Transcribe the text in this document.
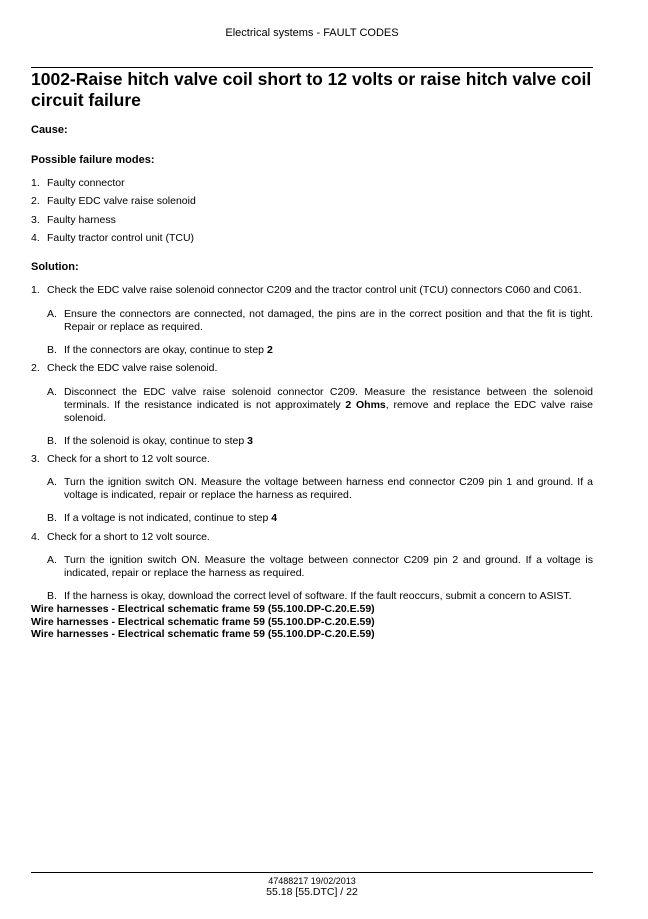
Electrical systems - FAULT CODES
1002-Raise hitch valve coil short to 12 volts or raise hitch valve coil circuit failure
Cause:
Possible failure modes:
1. Faulty connector
2. Faulty EDC valve raise solenoid
3. Faulty harness
4. Faulty tractor control unit (TCU)
Solution:
1. Check the EDC valve raise solenoid connector C209 and the tractor control unit (TCU) connectors C060 and C061.
A. Ensure the connectors are connected, not damaged, the pins are in the correct position and that the fit is tight. Repair or replace as required.
B. If the connectors are okay, continue to step 2
2. Check the EDC valve raise solenoid.
A. Disconnect the EDC valve raise solenoid connector C209. Measure the resistance between the solenoid terminals. If the resistance indicated is not approximately 2 Ohms, remove and replace the EDC valve raise solenoid.
B. If the solenoid is okay, continue to step 3
3. Check for a short to 12 volt source.
A. Turn the ignition switch ON. Measure the voltage between harness end connector C209 pin 1 and ground. If a voltage is indicated, repair or replace the harness as required.
B. If a voltage is not indicated, continue to step 4
4. Check for a short to 12 volt source.
A. Turn the ignition switch ON. Measure the voltage between connector C209 pin 2 and ground. If a voltage is indicated, repair or replace the harness as required.
B. If the harness is okay, download the correct level of software. If the fault reoccurs, submit a concern to ASIST.
Wire harnesses - Electrical schematic frame 59 (55.100.DP-C.20.E.59)
Wire harnesses - Electrical schematic frame 59 (55.100.DP-C.20.E.59)
Wire harnesses - Electrical schematic frame 59 (55.100.DP-C.20.E.59)
47488217 19/02/2013
55.18 [55.DTC] / 22
